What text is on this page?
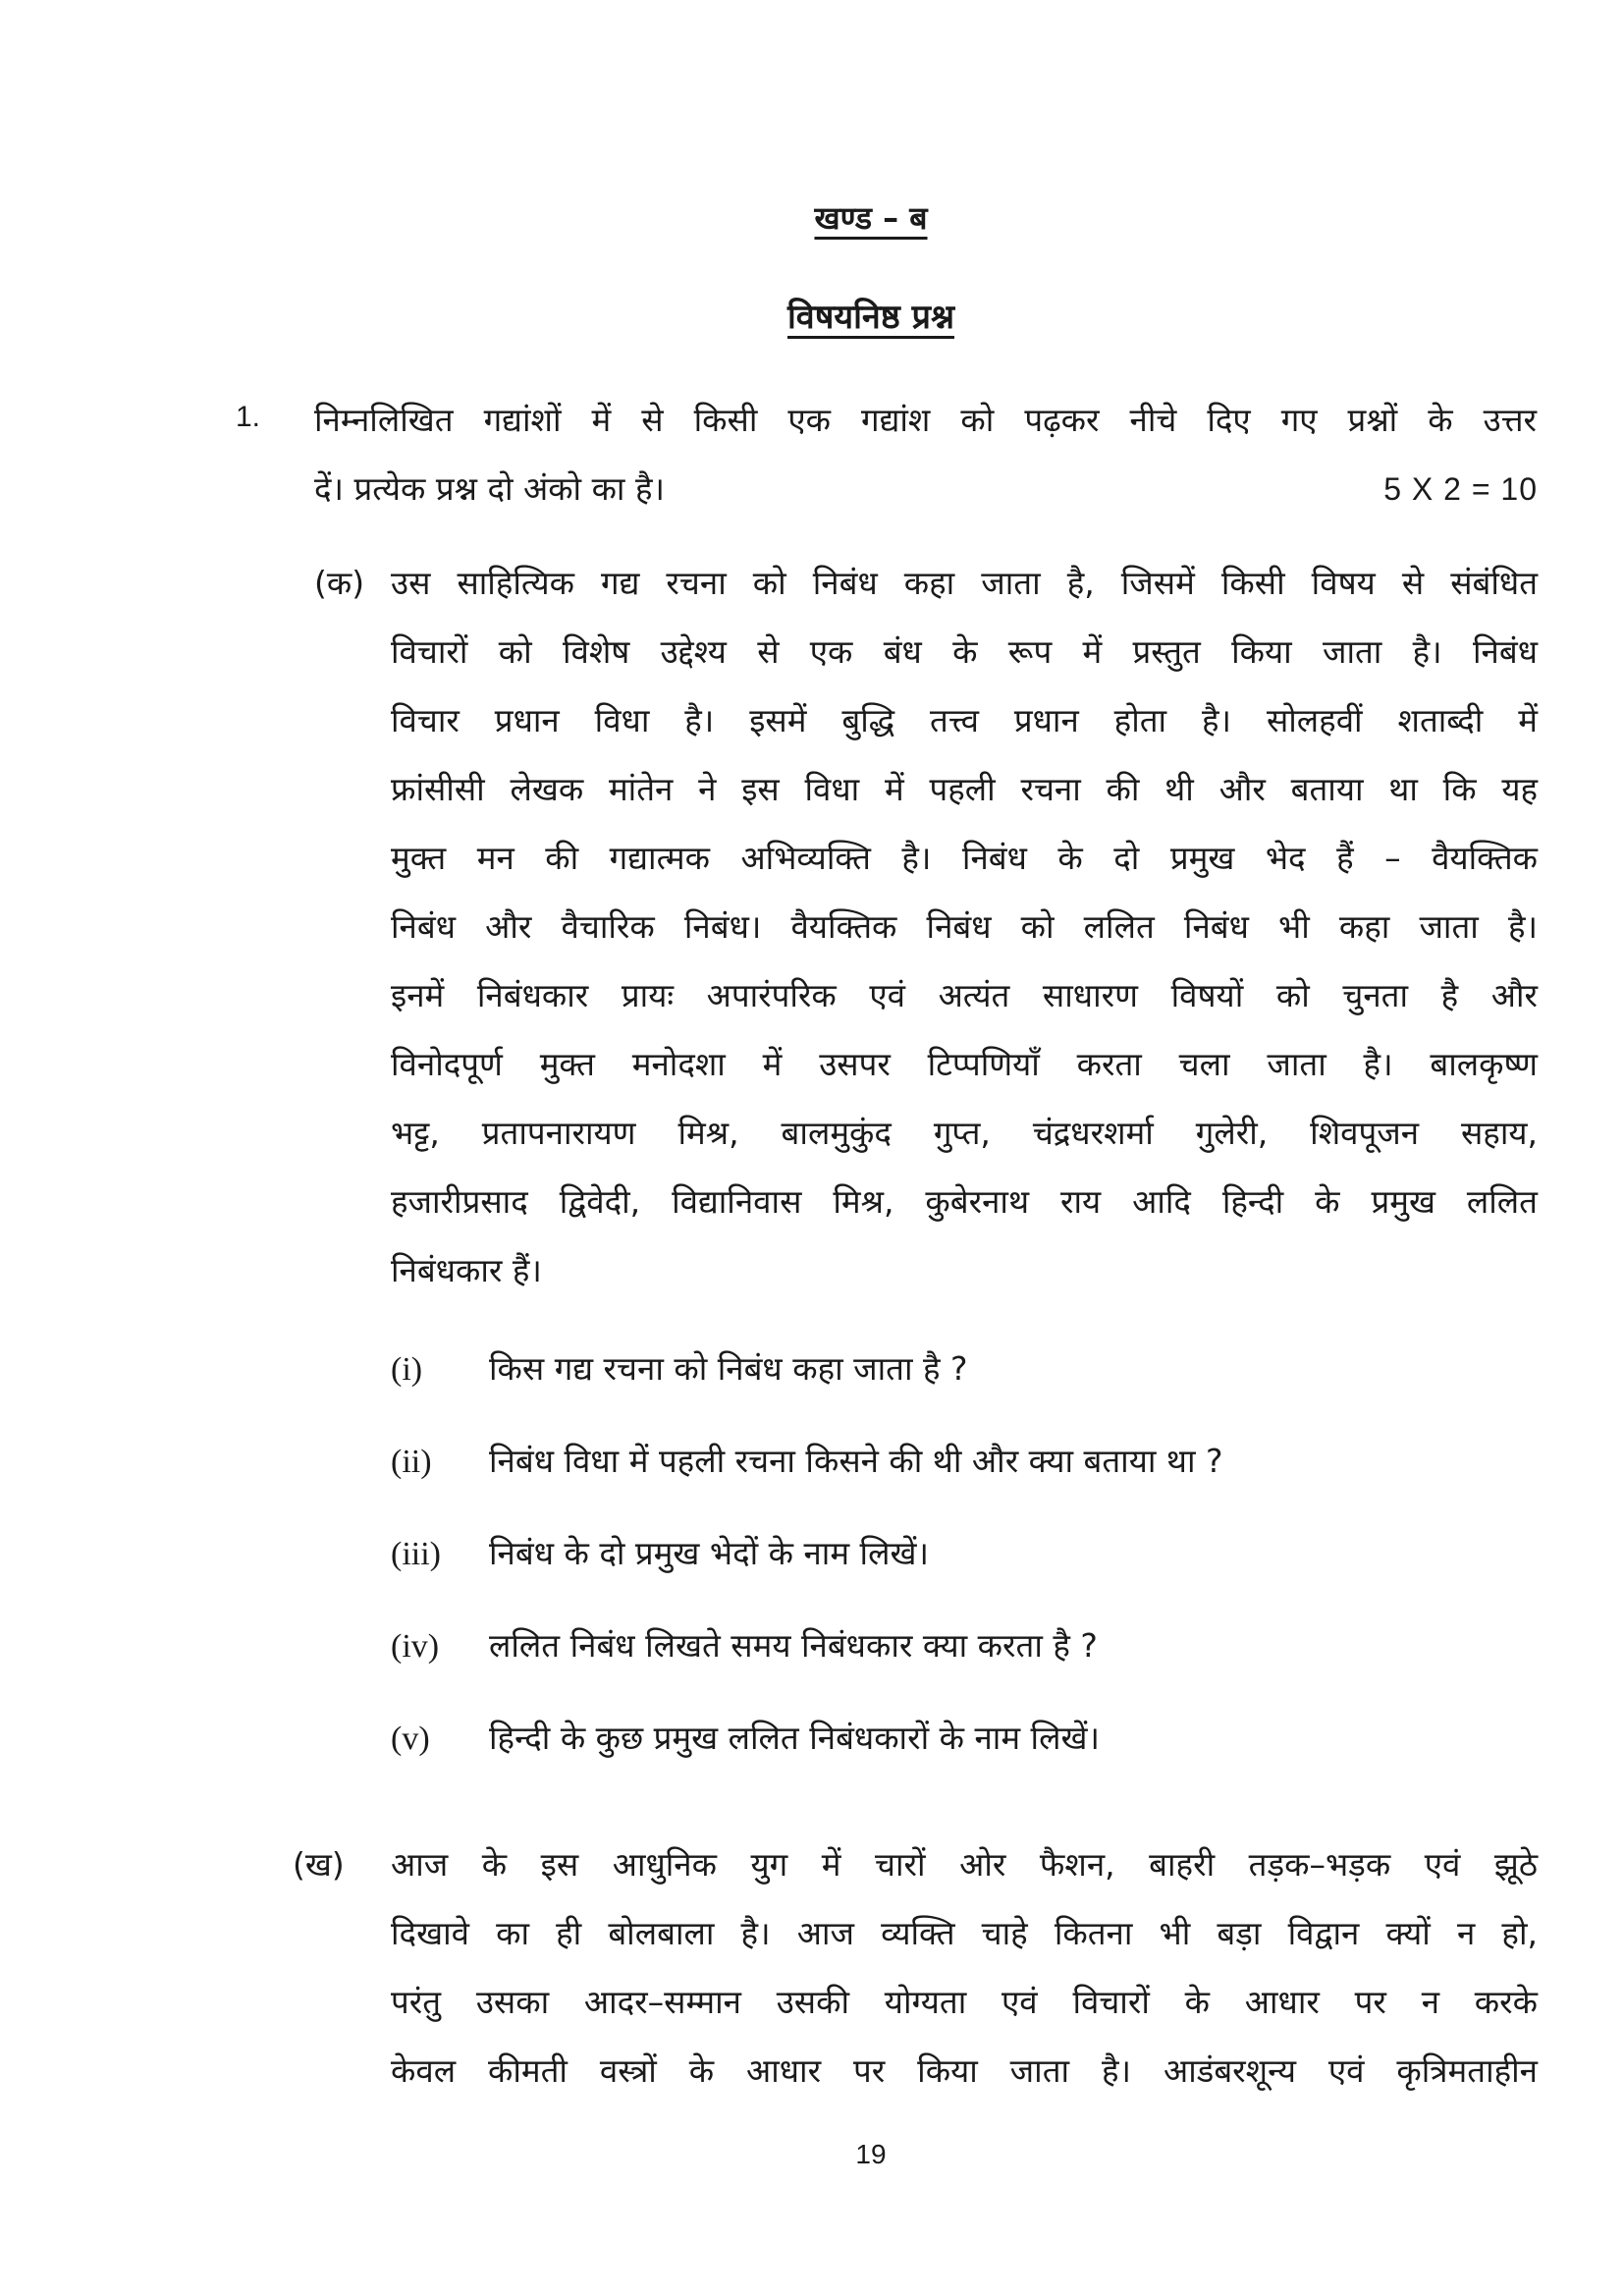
खण्ड – ब
विषयनिष्ठ प्रश्न
1. निम्नलिखित गद्यांशों में से किसी एक गद्यांश को पढ़कर नीचे दिए गए प्रश्नों के उत्तर
दें। प्रत्येक प्रश्न दो अंको का है।	5 X 2 = 10
(क) उस साहित्यिक गद्य रचना को निबंध कहा जाता है, जिसमें किसी विषय से संबंधित
विचारों को विशेष उद्देश्य से एक बंध के रूप में प्रस्तुत किया जाता है। निबंध
विचार प्रधान विधा है। इसमें बुद्धि तत्त्व प्रधान होता है। सोलहवीं शताब्दी में
फ्रांसीसी लेखक मांतेन ने इस विधा में पहली रचना की थी और बताया था कि यह
मुक्त मन की गद्यात्मक अभिव्यक्ति है। निबंध के दो प्रमुख भेद हैं – वैयक्तिक
निबंध और वैचारिक निबंध। वैयक्तिक निबंध को ललित निबंध भी कहा जाता है।
इनमें निबंधकार प्रायः अपारंपरिक एवं अत्यंत साधारण विषयों को चुनता है और
विनोदपूर्ण मुक्त मनोदशा में उसपर टिप्पणियाँ करता चला जाता है। बालकृष्ण
भट्ट, प्रतापनारायण मिश्र, बालमुकुंद गुप्त, चंद्रधरशर्मा गुलेरी, शिवपूजन सहाय,
हजारीप्रसाद द्विवेदी, विद्यानिवास मिश्र, कुबेरनाथ राय आदि हिन्दी के प्रमुख ललित
निबंधकार हैं।
(i) किस गद्य रचना को निबंध कहा जाता है ?
(ii) निबंध विधा में पहली रचना किसने की थी और क्या बताया था ?
(iii) निबंध के दो प्रमुख भेदों के नाम लिखें।
(iv) ललित निबंध लिखते समय निबंधकार क्या करता है ?
(v) हिन्दी के कुछ प्रमुख ललित निबंधकारों के नाम लिखें।
(ख) आज के इस आधुनिक युग में चारों ओर फैशन, बाहरी तड़क–भड़क एवं झूठे
दिखावे का ही बोलबाला है। आज व्यक्ति चाहे कितना भी बड़ा विद्वान क्यों न हो,
परंतु उसका आदर–सम्मान उसकी योग्यता एवं विचारों के आधार पर न करके
केवल कीमती वस्त्रों के आधार पर किया जाता है। आडंबरशून्य एवं कृत्रिमताहीन
19
